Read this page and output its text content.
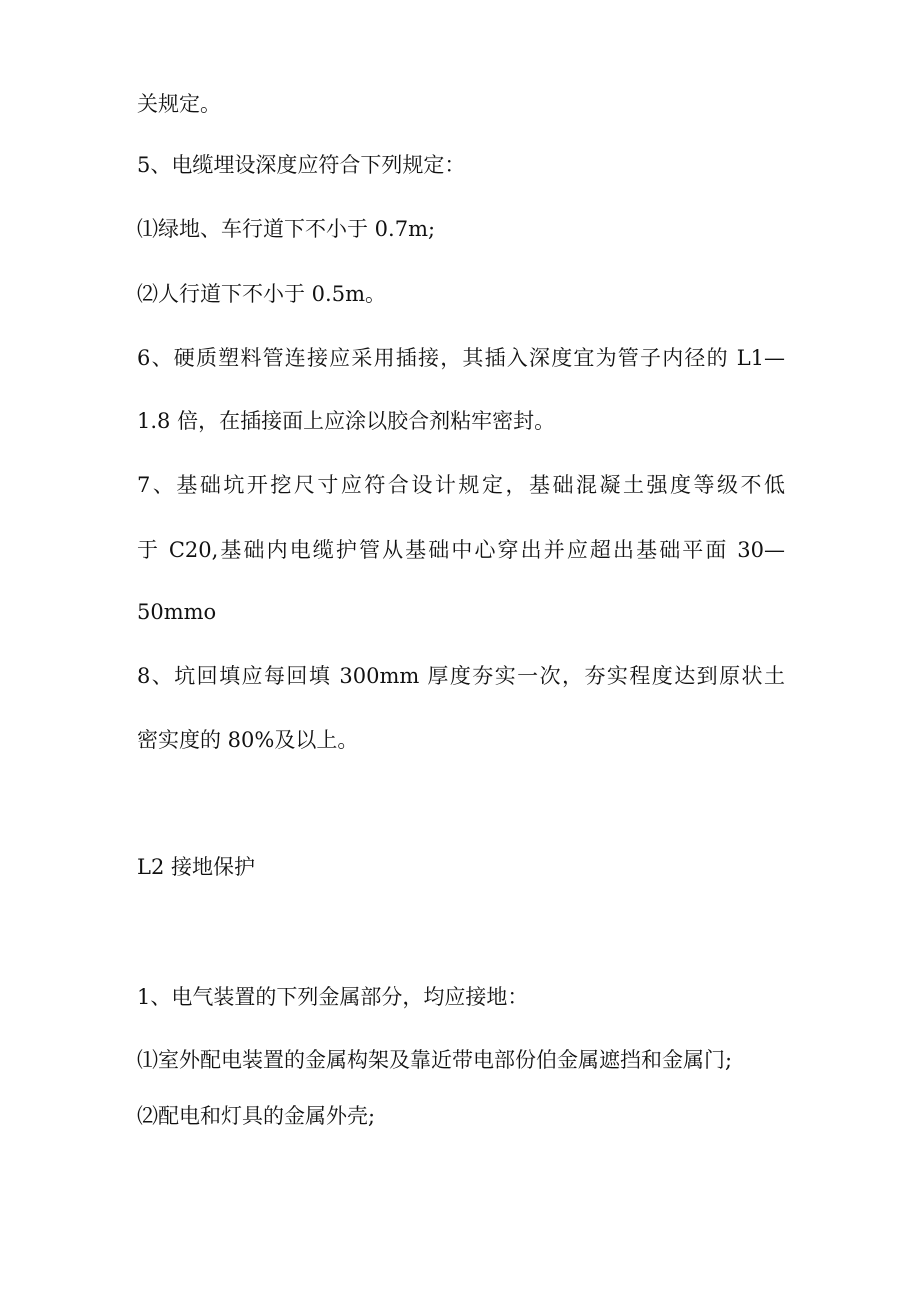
关规定。

5、电缆埋设深度应符合下列规定：

⑴绿地、车行道下不小于 0.7m;

⑵人行道下不小于 0.5m。

6、硬质塑料管连接应采用插接，其插入深度宜为管子内径的 L1—

1.8 倍，在插接面上应涂以胶合剂粘牢密封。

7、基础坑开挖尺寸应符合设计规定，基础混凝土强度等级不低

于 C20,基础内电缆护管从基础中心穿出并应超出基础平面 30—

50mmo

8、坑回填应每回填 300mm 厚度夯实一次，夯实程度达到原状土

密实度的 80%及以上。

L2 接地保护

1、电气装置的下列金属部分，均应接地：

⑴室外配电装置的金属构架及靠近带电部份伯金属遮挡和金属门;

⑵配电和灯具的金属外壳;
